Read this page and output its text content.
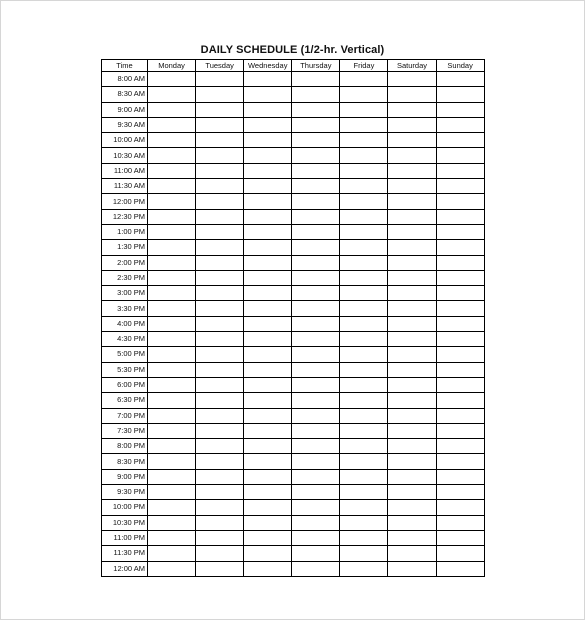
DAILY SCHEDULE (1/2-hr. Vertical)
Time	Monday	Tuesday	Wednesday	Thursday	Friday	Saturday	Sunday
8:00 AM							
8:30 AM							
9:00 AM							
9:30 AM							
10:00 AM							
10:30 AM							
11:00 AM							
11:30 AM							
12:00 PM							
12:30 PM							
1:00 PM							
1:30 PM							
2:00 PM							
2:30 PM							
3:00 PM							
3:30 PM							
4:00 PM							
4:30 PM							
5:00 PM							
5:30 PM							
6:00 PM							
6:30 PM							
7:00 PM							
7:30 PM							
8:00 PM							
8:30 PM							
9:00 PM							
9:30 PM							
10:00 PM							
10:30 PM							
11:00 PM							
11:30 PM							
12:00 AM							
